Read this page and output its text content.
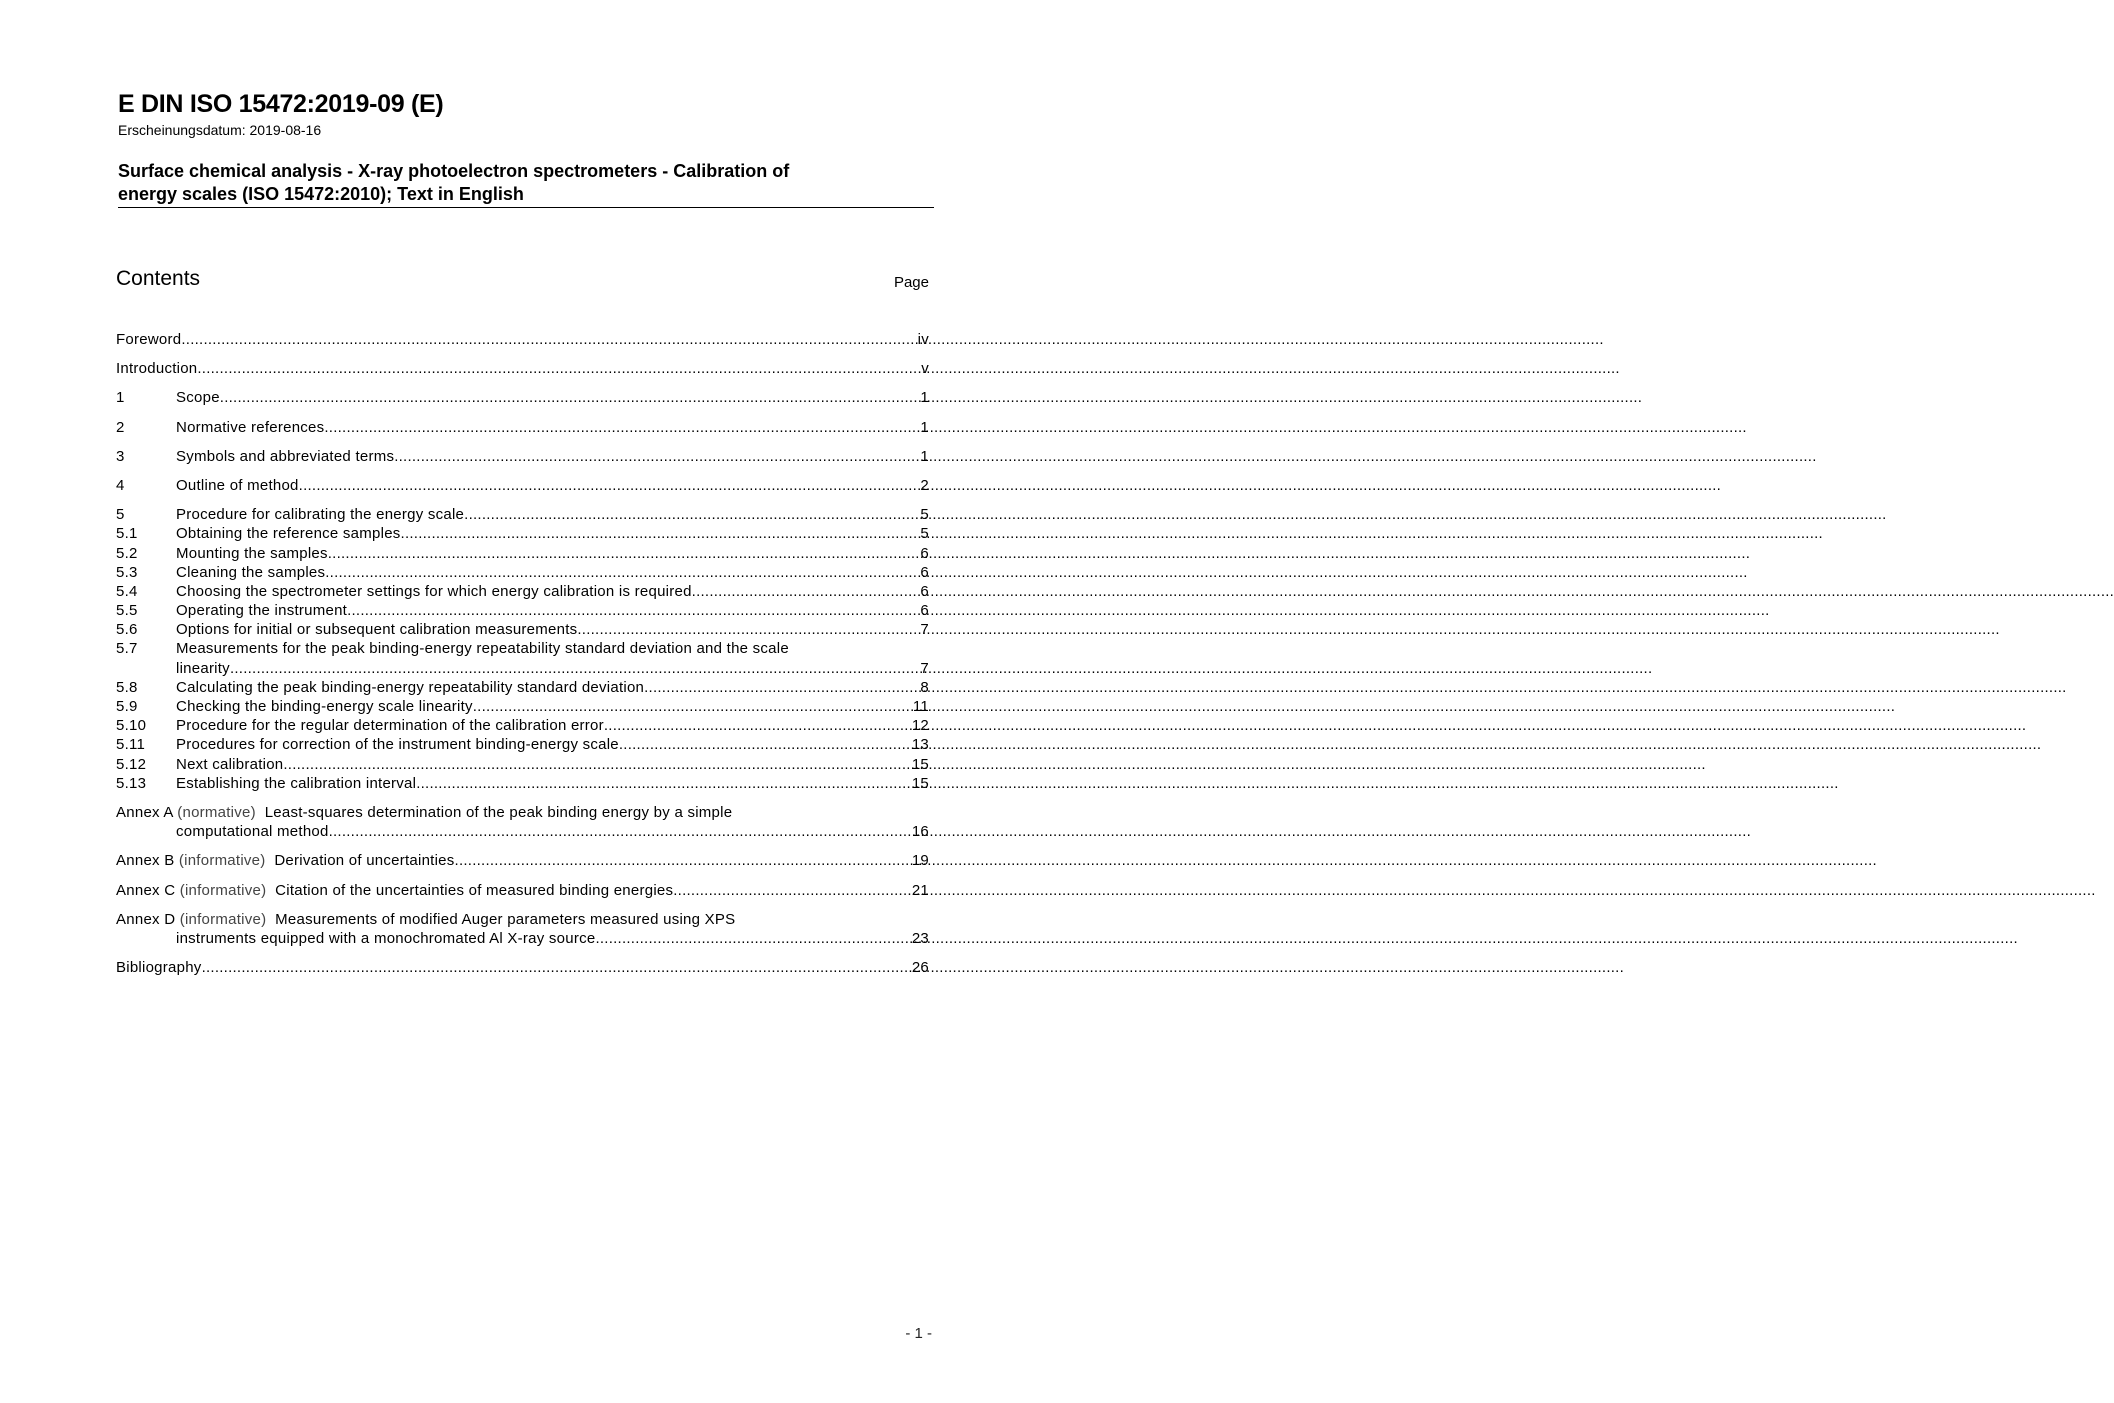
E DIN ISO 15472:2019-09 (E)
Erscheinungsdatum: 2019-08-16
Surface chemical analysis - X-ray photoelectron spectrometers - Calibration of
energy scales (ISO 15472:2010); Text in English
Contents	Page
Foreword .....	iv
Introduction .....	v
1	Scope .....	1
2	Normative references .....	1
3	Symbols and abbreviated terms .....	1
4	Outline of method .....	2
5	Procedure for calibrating the energy scale .....	5
5.1	Obtaining the reference samples .....	5
5.2	Mounting the samples .....	6
5.3	Cleaning the samples .....	6
5.4	Choosing the spectrometer settings for which energy calibration is required .....	6
5.5	Operating the instrument .....	6
5.6	Options for initial or subsequent calibration measurements .....	7
5.7	Measurements for the peak binding-energy repeatability standard deviation and the scale
linearity .....	7
5.8	Calculating the peak binding-energy repeatability standard deviation .....	8
5.9	Checking the binding-energy scale linearity .....	11
5.10	Procedure for the regular determination of the calibration error .....	12
5.11	Procedures for correction of the instrument binding-energy scale .....	13
5.12	Next calibration .....	15
5.13	Establishing the calibration interval .....	15
Annex A (normative) Least-squares determination of the peak binding energy by a simple
computational method .....	16
Annex B (informative) Derivation of uncertainties .....	19
Annex C (informative) Citation of the uncertainties of measured binding energies .....	21
Annex D (informative) Measurements of modified Auger parameters measured using XPS
instruments equipped with a monochromated Al X-ray source .....	23
Bibliography .....	26
- 1 -
